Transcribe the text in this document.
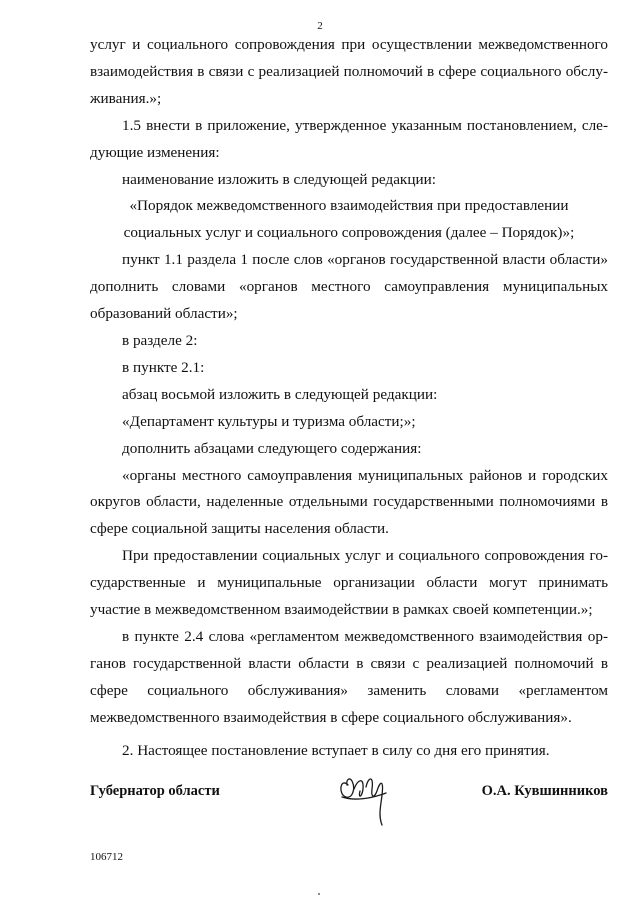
2

услуг и социального сопровождения при осуществлении межведомственного взаимодействия в связи с реализацией полномочий в сфере социального обслуживания.»;

1.5 внести в приложение, утвержденное указанным постановлением, следующие изменения:

наименование изложить в следующей редакции:

«Порядок межведомственного взаимодействия при предоставлении социальных услуг и социального сопровождения (далее – Порядок)»;

пункт 1.1 раздела 1 после слов «органов государственной власти области» дополнить словами «органов местного самоуправления муниципальных образований области»;

в разделе 2:

в пункте 2.1:

абзац восьмой изложить в следующей редакции:

«Департамент культуры и туризма области;»;

дополнить абзацами следующего содержания:

«органы местного самоуправления муниципальных районов и городских округов области, наделенные отдельными государственными полномочиями в сфере социальной защиты населения области.

При предоставлении социальных услуг и социального сопровождения государственные и муниципальные организации области могут принимать участие в межведомственном взаимодействии в рамках своей компетенции.»;

в пункте 2.4 слова «регламентом межведомственного взаимодействия органов государственной власти области в связи с реализацией полномочий в сфере социального обслуживания» заменить словами «регламентом межведомственного взаимодействия в сфере социального обслуживания».

2. Настоящее постановление вступает в силу со дня его принятия.

Губернатор области	О.А. Кувшинников
106712
